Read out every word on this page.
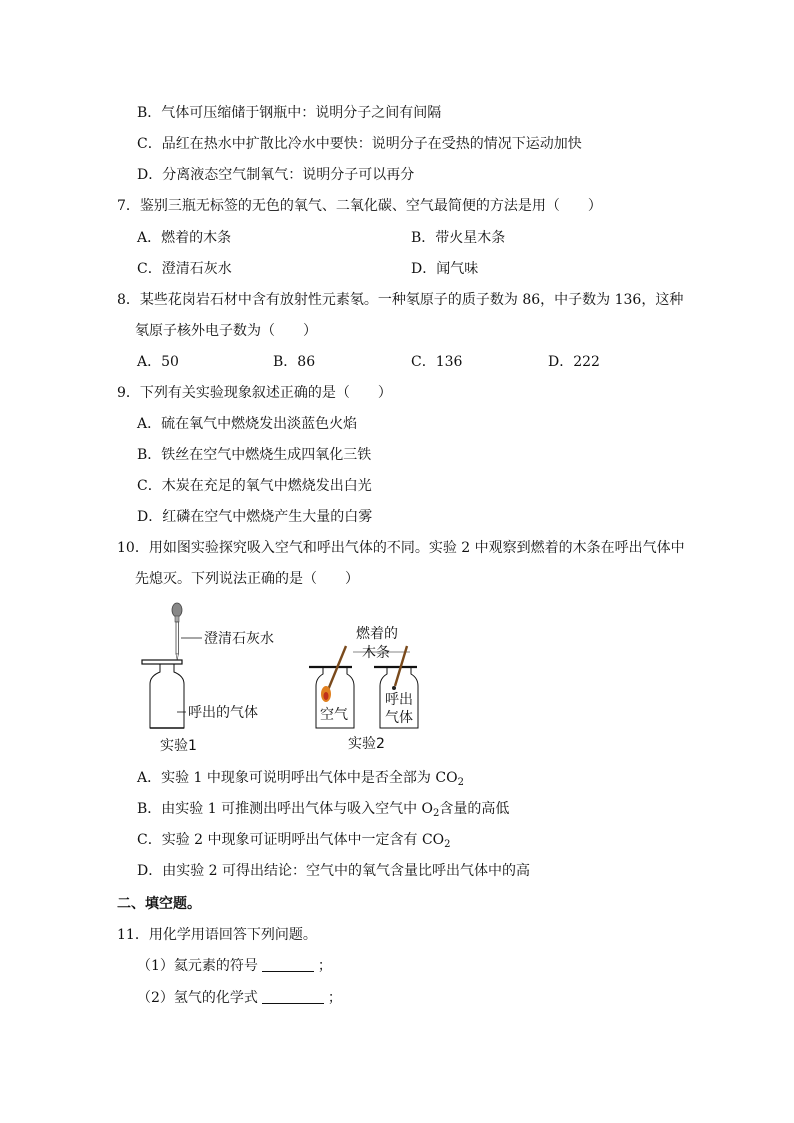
B．气体可压缩储于钢瓶中：说明分子之间有间隔
C．品红在热水中扩散比冷水中要快：说明分子在受热的情况下运动加快
D．分离液态空气制氧气：说明分子可以再分
7．鉴别三瓶无标签的无色的氧气、二氧化碳、空气最简便的方法是用（　　）
A．燃着的木条	B．带火星木条
C．澄清石灰水	D．闻气味
8．某些花岗岩石材中含有放射性元素氡。一种氡原子的质子数为 86，中子数为 136，这种
氡原子核外电子数为（　　）
A．50	B．86	C．136	D．222
9．下列有关实验现象叙述正确的是（　　）
A．硫在氧气中燃烧发出淡蓝色火焰
B．铁丝在空气中燃烧生成四氧化三铁
C．木炭在充足的氧气中燃烧发出白光
D．红磷在空气中燃烧产生大量的白雾
10．用如图实验探究吸入空气和呼出气体的不同。实验 2 中观察到燃着的木条在呼出气体中
先熄灭。下列说法正确的是（　　）
澄清石灰水
呼出的气体
实验1
燃着的
木条
空气
呼出
气体
实验2
A．实验 1 中现象可说明呼出气体中是否全部为 $CO_2$
B．由实验 1 可推测出呼出气体与吸入空气中 $O_2$含量的高低
C．实验 2 中现象可证明呼出气体中一定含有 $CO_2$
D．由实验 2 可得出结论：空气中的氧气含量比呼出气体中的高
二、填空题。
11．用化学用语回答下列问题。
（1）氦元素的符号	；
（2）氢气的化学式	；
